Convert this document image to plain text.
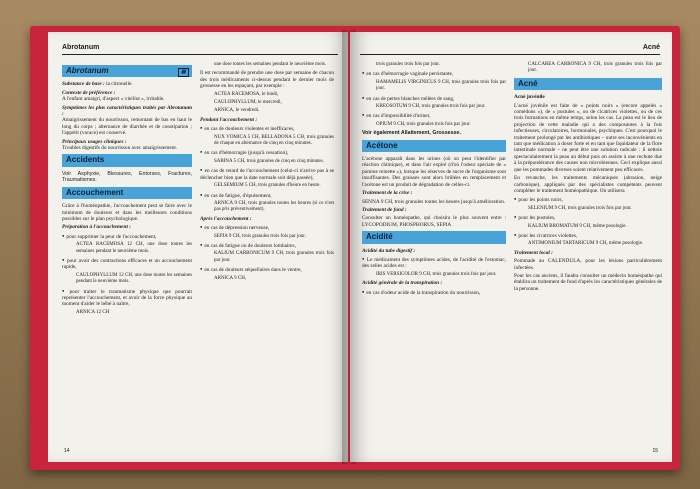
Abrotanum
Abrotanum	▤

Substance de base : la citronelle.

Contexte de préférence :
A l'enfant amaigri, d'aspect « vieillot », irritable.

Symptômes les plus caractéristiques traités par Abrotanum :
Amaigrissement du nourrisson, remontant de bas en haut le long du corps ; alternance de diarrhée et de constipation ; l'appétit (vorace) est conservé.

Principaux usages cliniques :
Troubles digestifs du nourrisson avec amaigrissement.

Accidents

Voir Asphyxie, Blessures, Entorses, Fractures, Traumatismes.

Accouchement

Grâce à l'homéopathie, l'accouchement peut se faire avec le minimum de douleurs et dans les meilleures conditions possibles sur le plan psychologique.

Préparation à l'accouchement :

● pour supprimer la peur de l'accouchement,

ACTEA RACEMOSA 12 CH, une dose toutes les semaines pendant le neuvième mois.

● pour avoir des contractions efficaces et un accouchement rapide,

CAULOPHYLLUM 12 CH, une dose toutes les semaines pendant le neuvième mois.

● pour traiter le traumatisme physique que pourrait représenter l'accouchement, et avoir de la force physique au moment d'aider le bébé à naître,

ARNICA 12 CH

une dose toutes les semaines pendant le neuvième mois.

Il est recommandé de prendre une dose par semaine de chacun des trois médicaments ci-dessus pendant le dernier mois de grossesse en les espaçant, par exemple :

ACTEA RACEMOSA, le lundi,

CAULOPHYLLUM, le mercredi,

ARNICA, le vendredi.

Pendant l'accouchement :

● en cas de douleurs violentes et inefficaces,

NUX VOMICA 5 CH, BELLADONA 5 CH, trois granules de chaque en alternance de cinq en cinq minutes.

● en cas d'hémorragie (jusqu'à cessation),

SABINA 5 CH, trois granules de cinq en cinq minutes.

● en cas de retard de l'accouchement (celui-ci n'arrive pas à se déclencher bien que la date normale soit déjà passée),

GELSEMIUM 5 CH, trois granules d'heure en heure.

● en cas de fatigue, d'épuisement,

ARNICA 9 CH, trois granules toutes les heures (si ce n'est pas pris préventivement).

Après l'accouchement :

● en cas de dépression nerveuse,

SEPIA 9 CH, trois granules trois fois par jour.

● en cas de fatigue ou de douleurs lombaires,

KALIUM CARBONICUM 9 CH, trois granules trois fois par jour.

● en cas de douleurs séquellaires dans le ventre,

ARNICA 9 CH,

14
Acné

trois granules trois fois par jour.

● en cas d'hémorragie vaginale persistante,

HAMAMELIS VIRGINICUS 9 CH, trois granules trois fois par jour.

● en cas de pertes blanches mêlées de sang,

KREOSOTUM 9 CH, trois granules trois fois par jour.

● en cas d'impossibilité d'uriner,

OPIUM 9 CH, trois granules trois fois par jour.

Voir également Allaitement, Grossesse.

Acétone

L'acétone apparaît dans les urines (où on peut l'identifier par réaction chimique), et dans l'air expiré (d'où l'odeur spéciale de « pomme reinette »), lorsque les réserves de sucre de l'organisme sont insuffisantes. Des graisses sont alors brûlées en remplacement et l'acétone est un produit de dégradation de celles-ci.

Traitement de la crise :

SENNA 9 CH, trois granules toutes les heures jusqu'à amélioration.

Traitement de fond :

Consulter un homéopathe, qui choisira le plus souvent entre : LYCOPODIUM, PHOSPHORUS, SEPIA

Acidité

Acidité du tube digestif :

● Le médicament des symptômes acides, de l'acidité de l'estomac, des selles acides est :

IRIS VERSICOLOR 9 CH, trois granules trois fois par jour.

Acidité générale de la transpiration :

● en cas d'odeur acide de la transpiration du nourrisson,

CALCAREA CARBONICA 9 CH, trois granules trois fois par jour.

Acné

Acné juvénile

L'acné juvénile est faite de « points noirs » (encore appelés « comédons »), de « pustules », ou de cicatrices violettes, ou de ces trois formations en même temps, selon les cas. La peau est le lieu de projection de cette maladie qui a des composantes à la fois infectieuses, circulatoires, hormonales, psychiques. C'est pourquoi le traitement prolongé par les antibiotiques – outre ses inconvénients en tant que médication à doser forte et en tant que liquidateur de la flore intestinale normale – ne peut être une solution radicale : il nettoie spectaculairement la peau au début puis on assiste à une rechute due à la prépondérance des causes non microbiennes. Ceci explique aussi que les pommades diverses soient relativement peu efficaces.

En revanche, les traitements mécaniques (abrasion, neige carbonique), appliqués par des spécialistes compétents peuvent compléter le traitement homéopathique. On utilisera

● pour les points noirs,

SELENIUM 9 CH, trois granules trois fois par jour.

● pour les pustules,

KALIUM BROMATUM 9 CH, même posologie.

● pour les cicatrices violettes,

ANTIMONIUM TARTARICUM 9 CH, même posologie.

Traitement local :

Pommade au CALENDULA, pour les lésions particulièrement infectées.

Pour les cas anciens, il faudra consulter un médecin homéopathe qui établira un traitement de fond d'après les caractéristiques générales de la personne.

15
